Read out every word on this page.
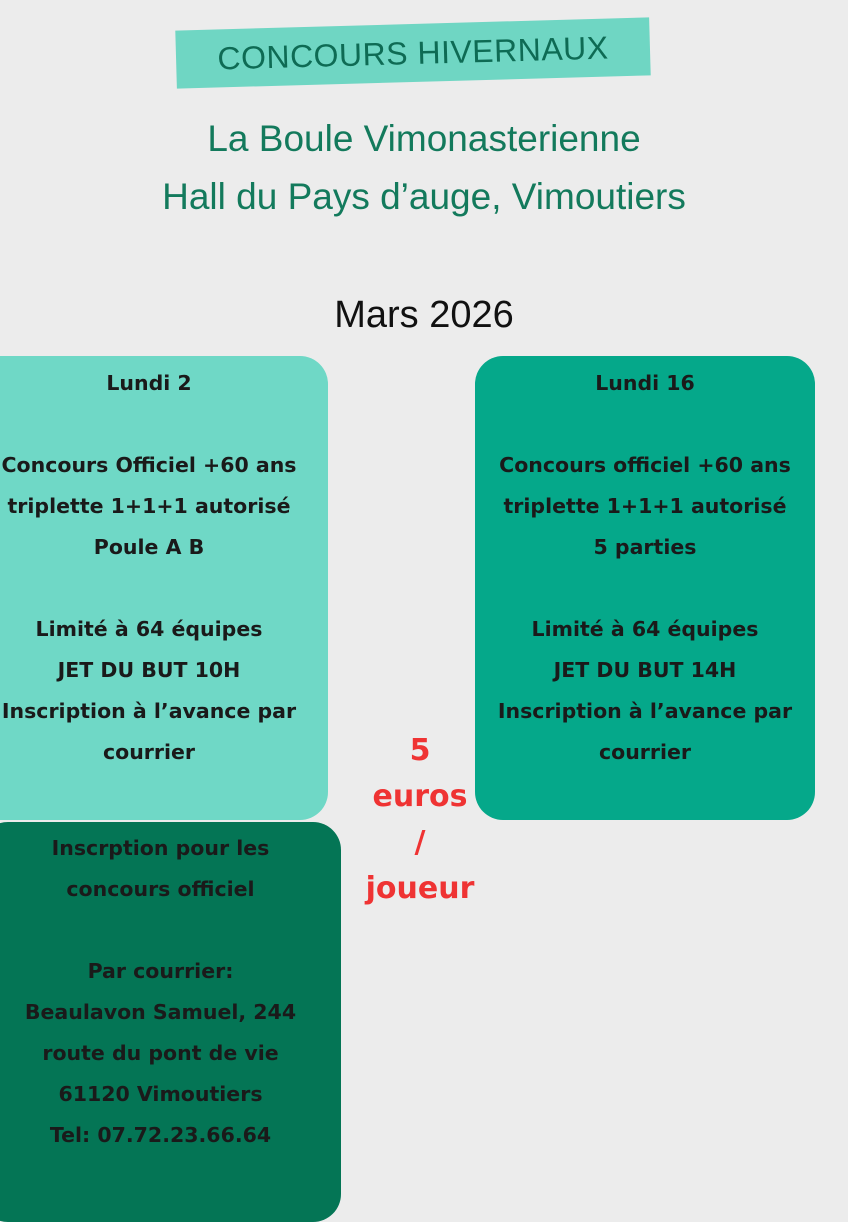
CONCOURS HIVERNAUX
La Boule Vimonasterienne
Hall du Pays d’auge, Vimoutiers
Mars 2026
Lundi 2
Concours Officiel +60 ans
triplette 1+1+1 autorisé
Poule A B
Limité à 64 équipes
JET DU BUT 10H
Inscription à l’avance par
courrier
Lundi 16
Concours officiel +60 ans
triplette 1+1+1 autorisé
5 parties
Limité à 64 équipes
JET DU BUT 14H
Inscription à l’avance par
courrier
Inscrption pour les
concours officiel
Par courrier:
Beaulavon Samuel, 244
route du pont de vie
61120 Vimoutiers
Tel: 07.72.23.66.64
5
euros
/
joueur
